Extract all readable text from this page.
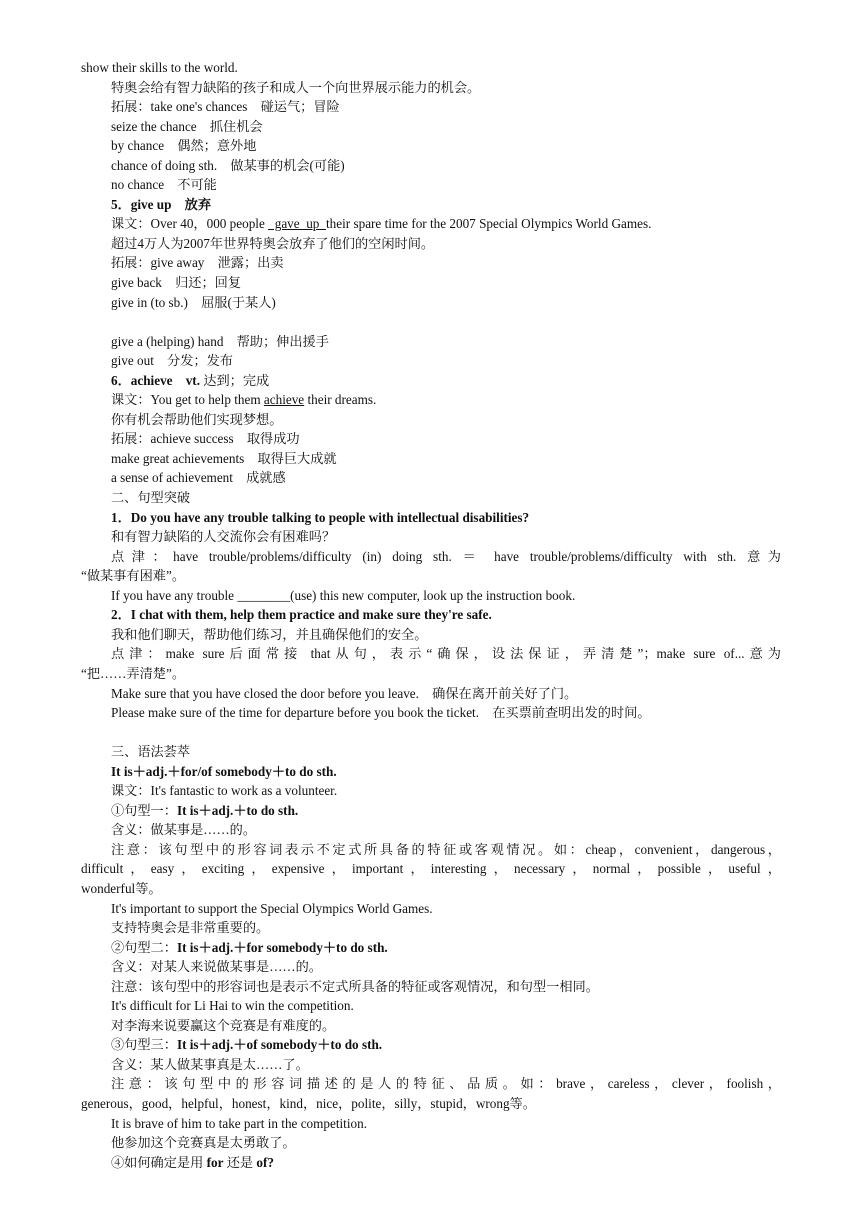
show their skills to the world.
特奥会给有智力缺陷的孩子和成人一个向世界展示能力的机会。
拓展：take one's chances　碰运气；冒险
seize the chance　抓住机会
by chance　偶然；意外地
chance of doing sth.　做某事的机会(可能)
no chance　不可能
5．give up　放弃
课文：Over 40，000 people   gave  up  their spare time for the 2007 Special Olympics World Games.
超过4万人为2007年世界特奥会放弃了他们的空闲时间。
拓展：give away　泄露；出卖
give back　归还；回复
give in (to sb.)　屈服(于某人)
give a (helping) hand　帮助；伸出援手
give out　分发；发布
6．achieve　vt. 达到；完成
课文：You get to help them achieve their dreams.
你有机会帮助他们实现梦想。
拓展：achieve success　取得成功
make great achievements　取得巨大成就
a sense of achievement　成就感
二、句型突破
1．Do you have any trouble talking to people with intellectual disabilities?
和有智力缺陷的人交流你会有困难吗？
点津：have trouble/problems/difficulty (in) doing sth. ＝ have trouble/problems/difficulty with sth. 意为
“做某事有困难”。
If you have any trouble ________(use) this new computer, look up the instruction book.
2．I chat with them, help them practice and make sure they're safe.
我和他们聊天，帮助他们练习，并且确保他们的安全。
点津：make sure后面常接 that从句，表示“确保，设法保证，弄清楚”；make sure of...意为
“把……弄清楚”。
Make sure that you have closed the door before you leave.　确保在离开前关好了门。
Please make sure of the time for departure before you book the ticket.　在买票前查明出发的时间。
三、语法荟萃
It is＋adj.＋for/of somebody＋to do sth.
课文：It's fantastic to work as a volunteer.
①句型一：It is＋adj.＋to do sth.
含义：做某事是……的。
注意：该句型中的形容词表示不定式所具备的特征或客观情况。如：cheap，convenient，dangerous，
difficult，easy，exciting，expensive，important，interesting，necessary，normal，possible，useful，
wonderful等。
It's important to support the Special Olympics World Games.
支持特奥会是非常重要的。
②句型二：It is＋adj.＋for somebody＋to do sth.
含义：对某人来说做某事是……的。
注意：该句型中的形容词也是表示不定式所具备的特征或客观情况，和句型一相同。
It's difficult for Li Hai to win the competition.
对李海来说要赢这个竞赛是有难度的。
③句型三：It is＋adj.＋of somebody＋to do sth.
含义：某人做某事真是太……了。
注意：该句型中的形容词描述的是人的特征、品质。如：brave，careless，clever，foolish，
generous，good，helpful，honest，kind，nice，polite，silly，stupid，wrong等。
It is brave of him to take part in the competition.
他参加这个竞赛真是太勇敢了。
④如何确定是用 for 还是 of?
